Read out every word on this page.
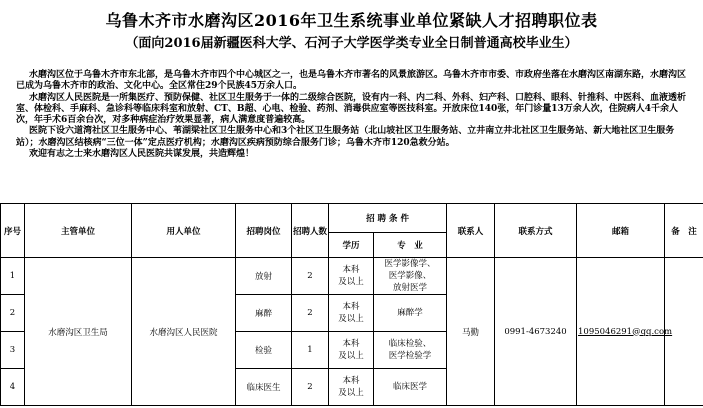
乌鲁木齐市水磨沟区2016年卫生系统事业单位紧缺人才招聘职位表
（面向2016届新疆医科大学、石河子大学医学类专业全日制普通高校毕业生）

水磨沟区位于乌鲁木齐市东北部，是乌鲁木齐市四个中心城区之一，也是乌鲁木齐市著名的风景旅游区。乌鲁木齐市市委、市政府坐落在水磨沟区南湖东路，水磨沟区已成为乌鲁木齐市的政治、文化中心。全区常住29个民族45万余人口。

水磨沟区人民医院是一所集医疗、预防保健、社区卫生服务于一体的二级综合医院，设有内一科、内二科、外科、妇产科、口腔科、眼科、针推科、中医科、血液透析室、体检科、手麻科、急诊科等临床科室和放射、CT、B超、心电、检验、药剂、消毒供应室等医技科室。开放床位140张，年门诊量13万余人次，住院病人4千余人次，年手术6百余台次，对多种病症治疗效果显著，病人满意度普遍较高。

医院下设六道湾社区卫生服务中心、苇湖梁社区卫生服务中心和3个社区卫生服务站（北山坡社区卫生服务站、立井南立井北社区卫生服务站、新大地社区卫生服务站）；水磨沟区结核病“三位一体”定点医疗机构；水磨沟区疾病预防综合服务门诊；乌鲁木齐市120急救分站。

欢迎有志之士来水磨沟区人民医院共谋发展，共造辉煌！

序号	主管单位	用人单位	招聘岗位	招聘人数	招 聘 条 件		联系人	联系方式	邮箱	备　注
					学历	专　业				
1	水磨沟区卫生局	水磨沟区人民医院	放射	2	本科
及以上	医学影像学、
医学影像、
放射医学	马勤	0991-4673240	1095046291@qq.com	
2			麻醉	2	本科
及以上	麻醉学				
3			检验	1	本科
及以上	临床检验、
医学检验学				
4			临床医生	2	本科
及以上	临床医学				
